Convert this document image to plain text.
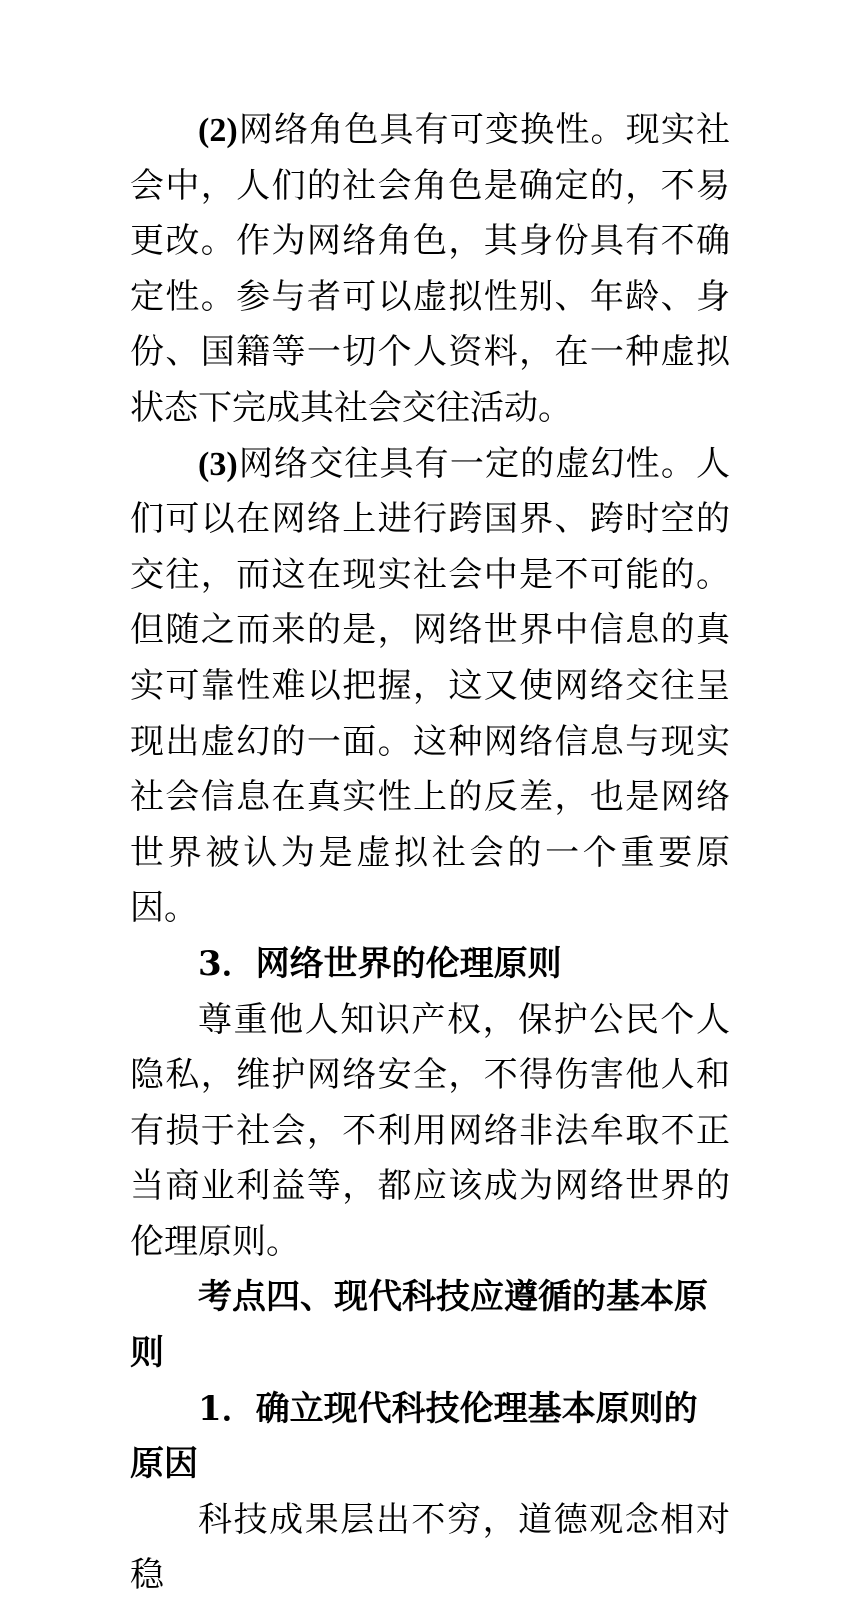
(2)网络角色具有可变换性。现实社会中，人们的社会角色是确定的，不易更改。作为网络角色，其身份具有不确定性。参与者可以虚拟性别、年龄、身份、国籍等一切个人资料，在一种虚拟状态下完成其社会交往活动。

(3)网络交往具有一定的虚幻性。人们可以在网络上进行跨国界、跨时空的交往，而这在现实社会中是不可能的。但随之而来的是，网络世界中信息的真实可靠性难以把握，这又使网络交往呈现出虚幻的一面。这种网络信息与现实社会信息在真实性上的反差，也是网络世界被认为是虚拟社会的一个重要原因。

3．网络世界的伦理原则

尊重他人知识产权，保护公民个人隐私，维护网络安全，不得伤害他人和有损于社会，不利用网络非法牟取不正当商业利益等，都应该成为网络世界的伦理原则。

考点四、现代科技应遵循的基本原则

1．确立现代科技伦理基本原则的原因

科技成果层出不穷，道德观念相对稳
